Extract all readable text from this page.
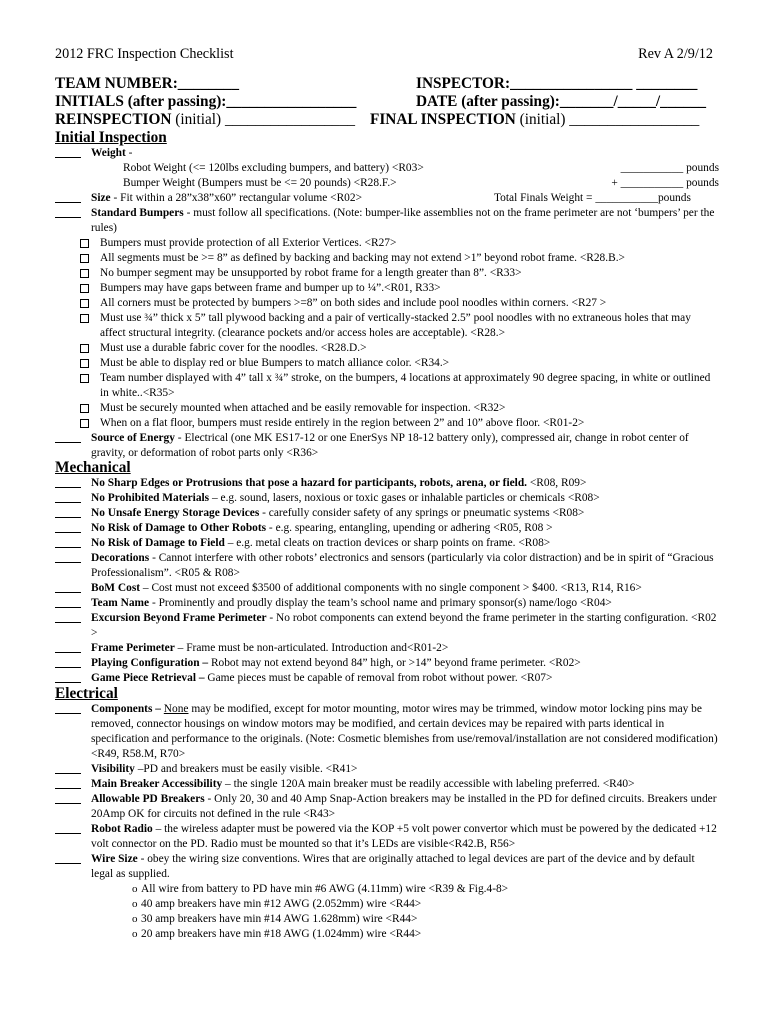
2012 FRC Inspection Checklist	Rev A 2/9/12
TEAM NUMBER:________	INSPECTOR:________________ ________
INITIALS (after passing):_________________	DATE (after passing):_______/_____/______
REINSPECTION (initial) _________________ FINAL INSPECTION (initial) _________________
Initial Inspection
Weight -
Robot Weight (<= 120lbs excluding bumpers, and battery) <R03>	___________ pounds
Bumper Weight (Bumpers must be <= 20 pounds) <R28.F.>	+ ___________ pounds
Size - Fit within a 28”x38”x60” rectangular volume <R02>	Total Finals Weight = ___________pounds
Standard Bumpers - must follow all specifications. (Note: bumper-like assemblies not on the frame perimeter are not ‘bumpers’ per the rules)
Bumpers must provide protection of all Exterior Vertices. <R27>
All segments must be >= 8” as defined by backing and backing may not extend >1” beyond robot frame. <R28.B.>
No bumper segment may be unsupported by robot frame for a length greater than 8”. <R33>
Bumpers may have gaps between frame and bumper up to ¼”.<R01, R33>
All corners must be protected by bumpers >=8” on both sides and include pool noodles within corners. <R27 >
Must use ¾” thick x 5” tall plywood backing and a pair of vertically-stacked 2.5” pool noodles with no extraneous holes that may affect structural integrity. (clearance pockets and/or access holes are acceptable). <R28.>
Must use a durable fabric cover for the noodles. <R28.D.>
Must be able to display red or blue Bumpers to match alliance color. <R34.>
Team number displayed with 4” tall x ¾” stroke, on the bumpers, 4 locations at approximately 90 degree spacing, in white or outlined in white..<R35>
Must be securely mounted when attached and be easily removable for inspection. <R32>
When on a flat floor, bumpers must reside entirely in the region between 2” and 10” above floor. <R01-2>
Source of Energy - Electrical (one MK ES17-12 or one EnerSys NP 18-12 battery only), compressed air, change in robot center of gravity, or deformation of robot parts only <R36>
Mechanical
No Sharp Edges or Protrusions that pose a hazard for participants, robots, arena, or field. <R08, R09>
No Prohibited Materials – e.g. sound, lasers, noxious or toxic gases or inhalable particles or chemicals <R08>
No Unsafe Energy Storage Devices - carefully consider safety of any springs or pneumatic systems <R08>
No Risk of Damage to Other Robots - e.g. spearing, entangling, upending or adhering <R05, R08 >
No Risk of Damage to Field – e.g. metal cleats on traction devices or sharp points on frame. <R08>
Decorations - Cannot interfere with other robots’ electronics and sensors (particularly via color distraction) and be in spirit of “Gracious Professionalism”. <R05 & R08>
BoM Cost – Cost must not exceed $3500 of additional components with no single component > $400. <R13, R14, R16>
Team Name - Prominently and proudly display the team’s school name and primary sponsor(s) name/logo <R04>
Excursion Beyond Frame Perimeter - No robot components can extend beyond the frame perimeter in the starting configuration. <R02 >
Frame Perimeter – Frame must be non-articulated. Introduction and<R01-2>
Playing Configuration – Robot may not extend beyond 84” high, or >14” beyond frame perimeter. <R02>
Game Piece Retrieval – Game pieces must be capable of removal from robot without power. <R07>
Electrical
Components – None may be modified, except for motor mounting, motor wires may be trimmed, window motor locking pins may be removed, connector housings on window motors may be modified, and certain devices may be repaired with parts identical in specification and performance to the originals. (Note: Cosmetic blemishes from use/removal/installation are not considered modification) <R49, R58.M, R70>
Visibility –PD and breakers must be easily visible. <R41>
Main Breaker Accessibility – the single 120A main breaker must be readily accessible with labeling preferred. <R40>
Allowable PD Breakers - Only 20, 30 and 40 Amp Snap-Action breakers may be installed in the PD for defined circuits. Breakers under 20Amp OK for circuits not defined in the rule <R43>
Robot Radio – the wireless adapter must be powered via the KOP +5 volt power convertor which must be powered by the dedicated +12 volt connector on the PD. Radio must be mounted so that it’s LEDs are visible<R42.B, R56>
Wire Size - obey the wiring size conventions. Wires that are originally attached to legal devices are part of the device and by default legal as supplied.
o All wire from battery to PD have min #6 AWG (4.11mm) wire <R39 & Fig.4-8>
o 40 amp breakers have min #12 AWG (2.052mm) wire <R44>
o 30 amp breakers have min #14 AWG 1.628mm) wire <R44>
o 20 amp breakers have min #18 AWG (1.024mm) wire <R44>
